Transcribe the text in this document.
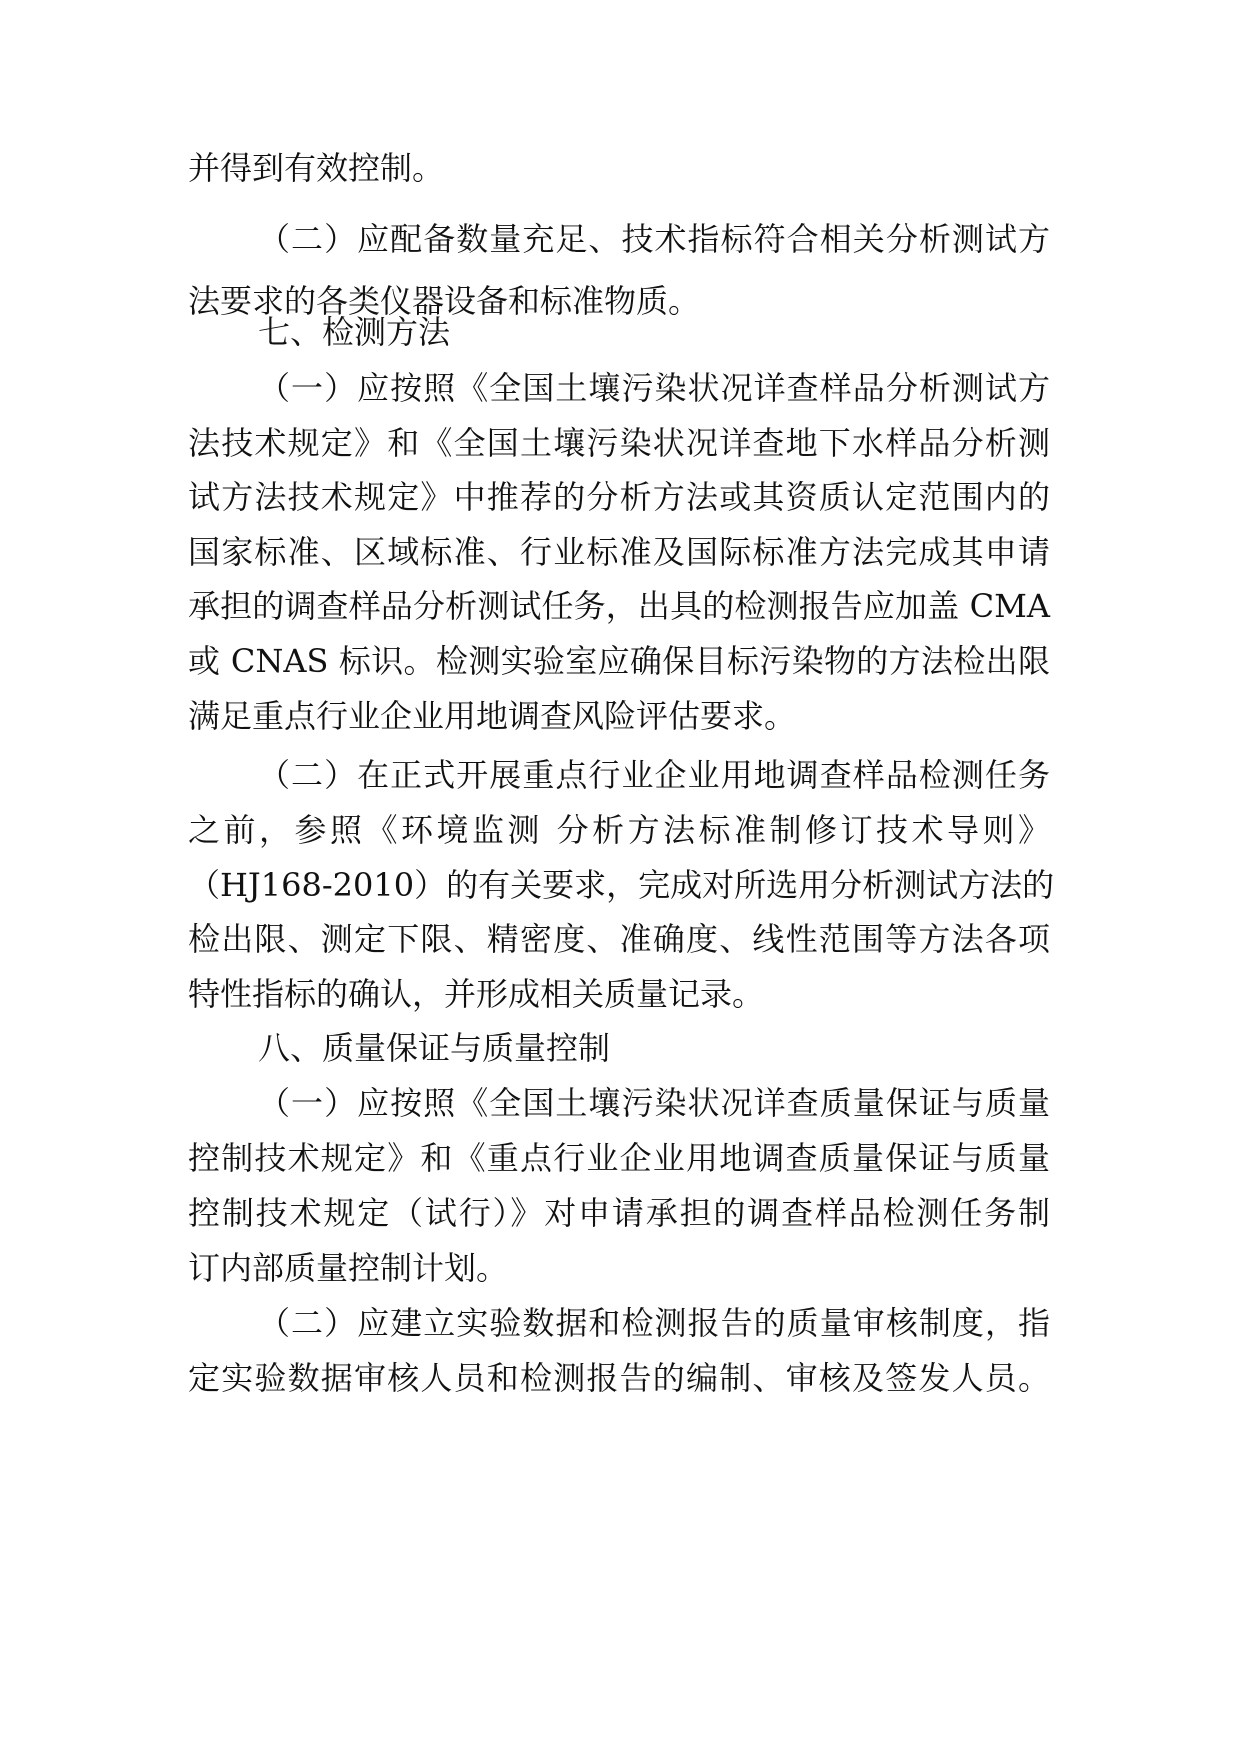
并得到有效控制。
（二）应配备数量充足、技术指标符合相关分析测试方
法要求的各类仪器设备和标准物质。
七、检测方法
（一）应按照《全国土壤污染状况详查样品分析测试方
法技术规定》和《全国土壤污染状况详查地下水样品分析测
试方法技术规定》中推荐的分析方法或其资质认定范围内的
国家标准、区域标准、行业标准及国际标准方法完成其申请
承担的调查样品分析测试任务，出具的检测报告应加盖 CMA
或 CNAS 标识。检测实验室应确保目标污染物的方法检出限
满足重点行业企业用地调查风险评估要求。
（二）在正式开展重点行业企业用地调查样品检测任务
之前，参照《环境监测 分析方法标准制修订技术导则》
（HJ168-2010）的有关要求，完成对所选用分析测试方法的
检出限、测定下限、精密度、准确度、线性范围等方法各项
特性指标的确认，并形成相关质量记录。
八、质量保证与质量控制
（一）应按照《全国土壤污染状况详查质量保证与质量
控制技术规定》和《重点行业企业用地调查质量保证与质量
控制技术规定（试行）》对申请承担的调查样品检测任务制
订内部质量控制计划。
（二）应建立实验数据和检测报告的质量审核制度，指
定实验数据审核人员和检测报告的编制、审核及签发人员。
